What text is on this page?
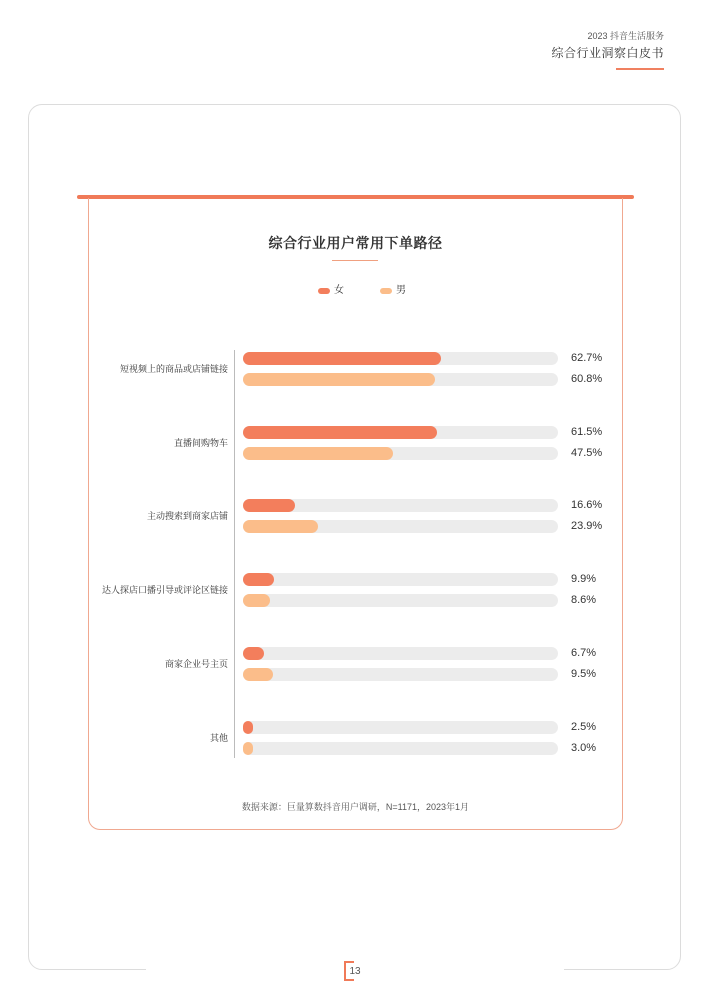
2023 抖音生活服务
综合行业洞察白皮书
综合行业用户常用下单路径
女	男
短视频上的商品或店铺链接
62.7%
60.8%
直播间购物车
61.5%
47.5%
主动搜索到商家店铺
16.6%
23.9%
达人探店口播引导或评论区链接
9.9%
8.6%
商家企业号主页
6.7%
9.5%
其他
2.5%
3.0%
数据来源：巨量算数抖音用户调研，N=1171，2023年1月
13
